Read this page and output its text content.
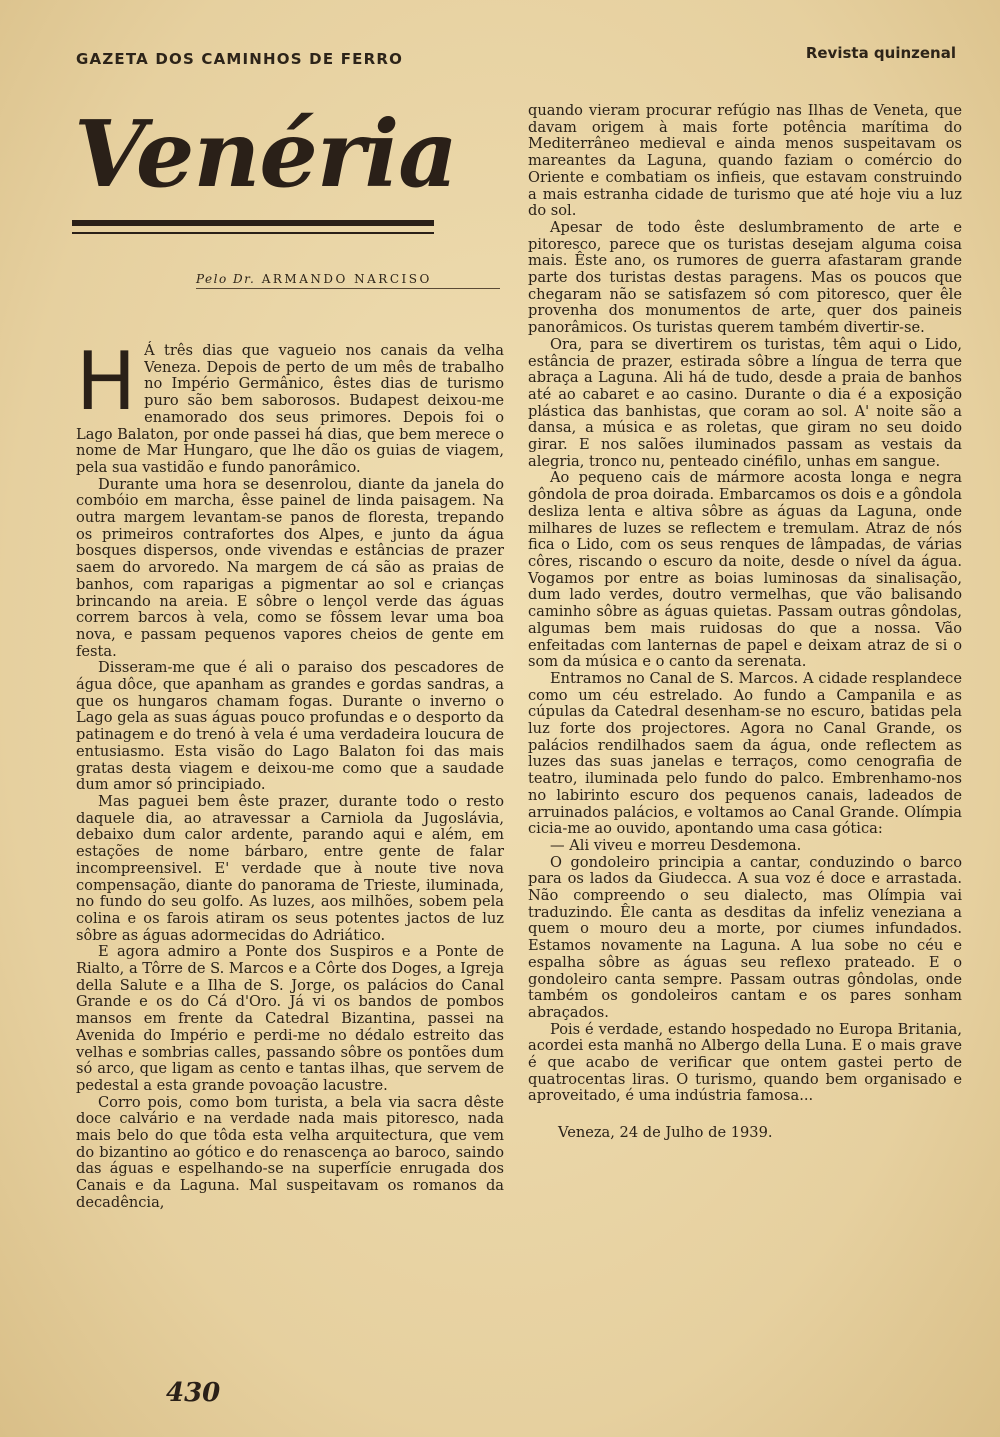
GAZETA DOS CAMINHOS DE FERRO	Revista quinzenal
Venéria
Pelo Dr. ARMANDO NARCISO
H Á três dias que vagueio nos canais da velha Veneza. Depois de perto de um mês de trabalho no Império Germânico, êstes dias de turismo puro são bem saborosos. Budapest deixou-me enamorado dos seus primores. Depois foi o Lago Balaton, por onde passei há dias, que bem merece o nome de Mar Hungaro, que lhe dão os guias de viagem, pela sua vastidão e fundo panorâmico.

Durante uma hora se desenrolou, diante da janela do combóio em marcha, êsse painel de linda paisagem. Na outra margem levantam-se panos de floresta, trepando os primeiros contrafortes dos Alpes, e junto da água bosques dispersos, onde vivendas e estâncias de prazer saem do arvoredo. Na margem de cá são as praias de banhos, com raparigas a pigmentar ao sol e crianças brincando na areia. E sôbre o lençol verde das águas correm barcos à vela, como se fôssem levar uma boa nova, e passam pequenos vapores cheios de gente em festa.

Disseram-me que é ali o paraiso dos pescadores de água dôce, que apanham as grandes e gordas sandras, a que os hungaros chamam fogas. Durante o inverno o Lago gela as suas águas pouco profundas e o desporto da patinagem e do trenó à vela é uma verdadeira loucura de entusiasmo. Esta visão do Lago Balaton foi das mais gratas desta viagem e deixou-me como que a saudade dum amor só principiado.

Mas paguei bem êste prazer, durante todo o resto daquele dia, ao atravessar a Carniola da Jugoslávia, debaixo dum calor ardente, parando aqui e além, em estações de nome bárbaro, entre gente de falar incompreensivel. E' verdade que à noute tive nova compensação, diante do panorama de Trieste, iluminada, no fundo do seu golfo. As luzes, aos milhões, sobem pela colina e os farois atiram os seus potentes jactos de luz sôbre as águas adormecidas do Adriático.

E agora admiro a Ponte dos Suspiros e a Ponte de Rialto, a Tôrre de S. Marcos e a Côrte dos Doges, a Igreja della Salute e a Ilha de S. Jorge, os palácios do Canal Grande e os do Cá d'Oro. Já vi os bandos de pombos mansos em frente da Catedral Bizantina, passei na Avenida do Império e perdi-me no dédalo estreito das velhas e sombrias calles, passando sôbre os pontões dum só arco, que ligam as cento e tantas ilhas, que servem de pedestal a esta grande povoação lacustre.

Corro pois, como bom turista, a bela via sacra dêste doce calvário e na verdade nada mais pitoresco, nada mais belo do que tôda esta velha arquitectura, que vem do bizantino ao gótico e do renascença ao baroco, saindo das águas e espelhando-se na superfície enrugada dos Canais e da Laguna. Mal suspeitavam os romanos da decadência,

quando vieram procurar refúgio nas Ilhas de Veneta, que davam origem à mais forte potência marítima do Mediterrâneo medieval e ainda menos suspeitavam os mareantes da Laguna, quando faziam o comércio do Oriente e combatiam os infieis, que estavam construindo a mais estranha cidade de turismo que até hoje viu a luz do sol.

Apesar de todo êste deslumbramento de arte e pitoresco, parece que os turistas desejam alguma coisa mais. Êste ano, os rumores de guerra afastaram grande parte dos turistas destas paragens. Mas os poucos que chegaram não se satisfazem só com pitoresco, quer êle provenha dos monumentos de arte, quer dos paineis panorâmicos. Os turistas querem também divertir-se.

Ora, para se divertirem os turistas, têm aqui o Lido, estância de prazer, estirada sôbre a língua de terra que abraça a Laguna. Ali há de tudo, desde a praia de banhos até ao cabaret e ao casino. Durante o dia é a exposição plástica das banhistas, que coram ao sol. A' noite são a dansa, a música e as roletas, que giram no seu doido girar. E nos salões iluminados passam as vestais da alegria, tronco nu, penteado cinéfilo, unhas em sangue.

Ao pequeno cais de mármore acosta longa e negra gôndola de proa doirada. Embarcamos os dois e a gôndola desliza lenta e altiva sôbre as águas da Laguna, onde milhares de luzes se reflectem e tremulam. Atraz de nós fica o Lido, com os seus renques de lâmpadas, de várias côres, riscando o escuro da noite, desde o nível da água. Vogamos por entre as boias luminosas da sinalisação, dum lado verdes, doutro vermelhas, que vão balisando caminho sôbre as águas quietas. Passam outras gôndolas, algumas bem mais ruidosas do que a nossa. Vão enfeitadas com lanternas de papel e deixam atraz de si o som da música e o canto da serenata.

Entramos no Canal de S. Marcos. A cidade resplandece como um céu estrelado. Ao fundo a Campanila e as cúpulas da Catedral desenham-se no escuro, batidas pela luz forte dos projectores. Agora no Canal Grande, os palácios rendilhados saem da água, onde reflectem as luzes das suas janelas e terraços, como cenografia de teatro, iluminada pelo fundo do palco. Embrenhamo-nos no labirinto escuro dos pequenos canais, ladeados de arruinados palácios, e voltamos ao Canal Grande. Olímpia cicia-me ao ouvido, apontando uma casa gótica:

— Ali viveu e morreu Desdemona.

O gondoleiro principia a cantar, conduzindo o barco para os lados da Giudecca. A sua voz é doce e arrastada. Não compreendo o seu dialecto, mas Olímpia vai traduzindo. Êle canta as desditas da infeliz veneziana a quem o mouro deu a morte, por ciumes infundados. Estamos novamente na Laguna. A lua sobe no céu e espalha sôbre as águas seu reflexo prateado. E o gondoleiro canta sempre. Passam outras gôndolas, onde também os gondoleiros cantam e os pares sonham abraçados.

Pois é verdade, estando hospedado no Europa Britania, acordei esta manhã no Albergo della Luna. E o mais grave é que acabo de verificar que ontem gastei perto de quatrocentas liras. O turismo, quando bem organisado e aproveitado, é uma indústria famosa...

Veneza, 24 de Julho de 1939.

430
